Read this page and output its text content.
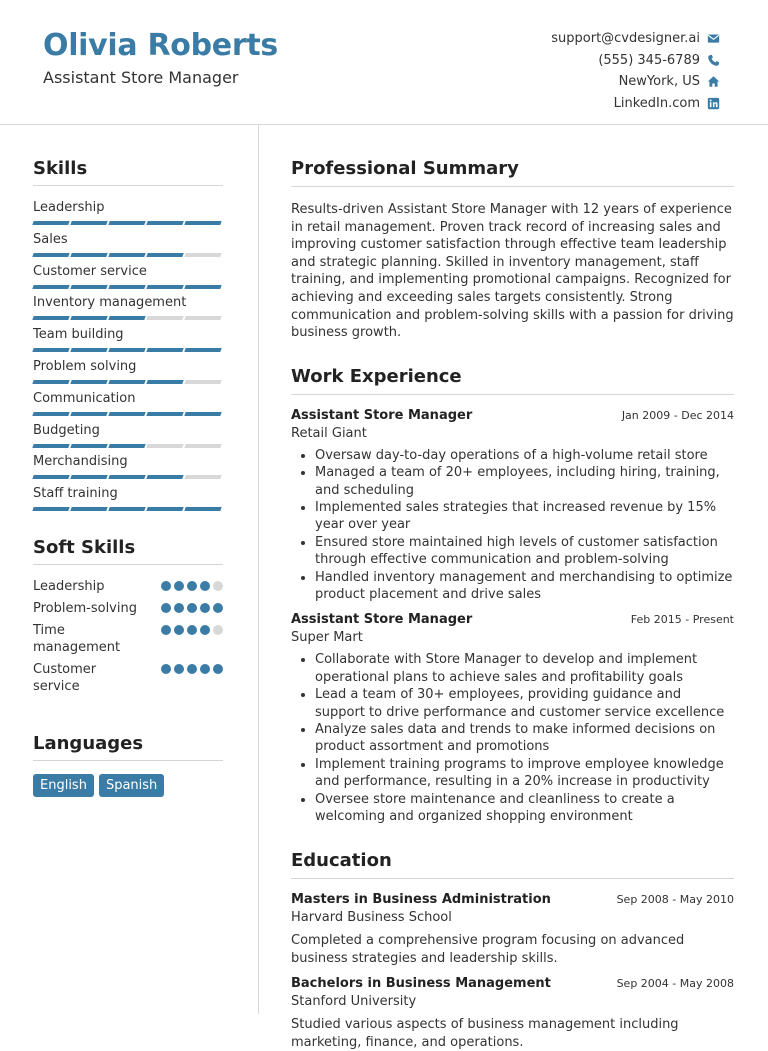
Olivia Roberts
Assistant Store Manager
support@cvdesigner.ai
(555) 345-6789
NewYork, US
LinkedIn.com
Skills
Leadership
Sales
Customer service
Inventory management
Team building
Problem solving
Communication
Budgeting
Merchandising
Staff training
Soft Skills
Leadership
Problem-solving
Time management
Customer service
Languages
English	Spanish
Professional Summary
Results-driven Assistant Store Manager with 12 years of experience in retail management. Proven track record of increasing sales and improving customer satisfaction through effective team leadership and strategic planning. Skilled in inventory management, staff training, and implementing promotional campaigns. Recognized for achieving and exceeding sales targets consistently. Strong communication and problem-solving skills with a passion for driving business growth.
Work Experience
Assistant Store Manager	Jan 2009 - Dec 2014
Retail Giant
• Oversaw day-to-day operations of a high-volume retail store
• Managed a team of 20+ employees, including hiring, training, and scheduling
• Implemented sales strategies that increased revenue by 15% year over year
• Ensured store maintained high levels of customer satisfaction through effective communication and problem-solving
• Handled inventory management and merchandising to optimize product placement and drive sales
Assistant Store Manager	Feb 2015 - Present
Super Mart
• Collaborate with Store Manager to develop and implement operational plans to achieve sales and profitability goals
• Lead a team of 30+ employees, providing guidance and support to drive performance and customer service excellence
• Analyze sales data and trends to make informed decisions on product assortment and promotions
• Implement training programs to improve employee knowledge and performance, resulting in a 20% increase in productivity
• Oversee store maintenance and cleanliness to create a welcoming and organized shopping environment
Education
Masters in Business Administration	Sep 2008 - May 2010
Harvard Business School
Completed a comprehensive program focusing on advanced business strategies and leadership skills.
Bachelors in Business Management	Sep 2004 - May 2008
Stanford University
Studied various aspects of business management including marketing, finance, and operations.
